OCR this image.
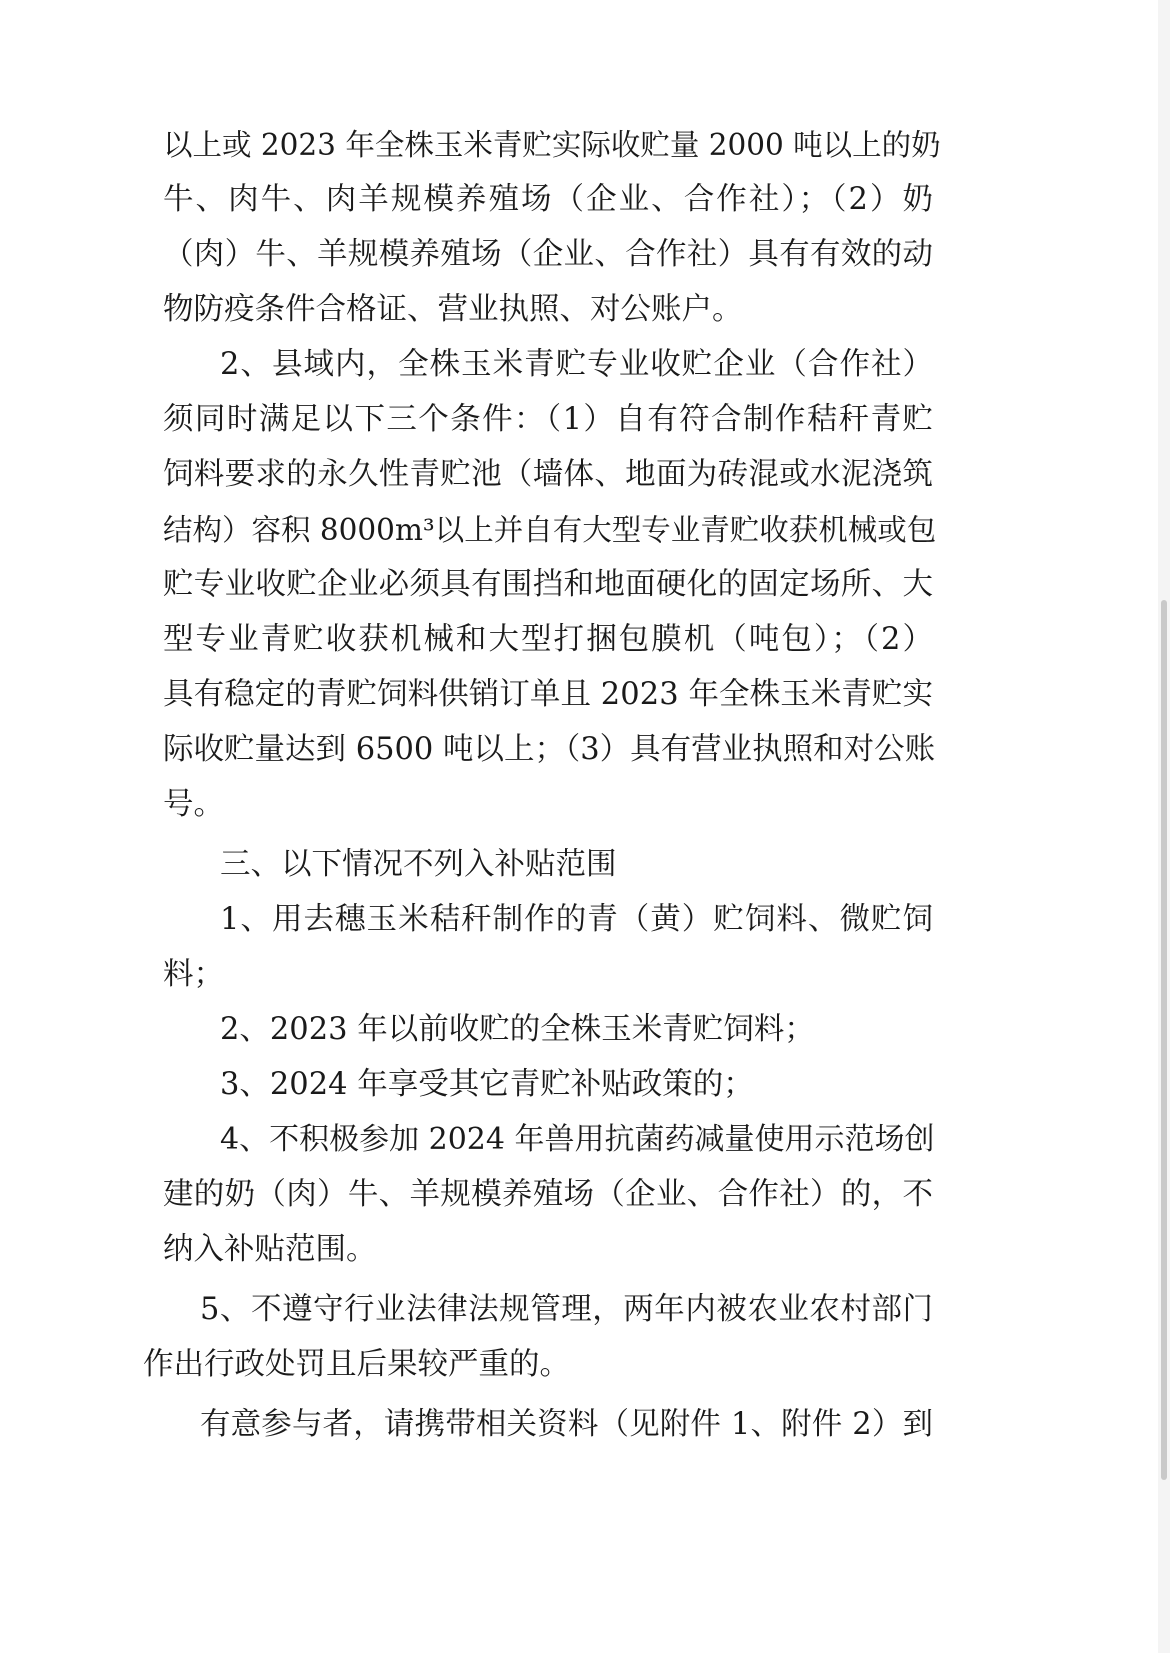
以上或 2023 年全株玉米青贮实际收贮量 2000 吨以上的奶
牛、肉牛、肉羊规模养殖场（企业、合作社）；（2）奶
（肉）牛、羊规模养殖场（企业、合作社）具有有效的动
物防疫条件合格证、营业执照、对公账户。
2、县域内，全株玉米青贮专业收贮企业（合作社）
须同时满足以下三个条件：（1）自有符合制作秸秆青贮
饲料要求的永久性青贮池（墙体、地面为砖混或水泥浇筑
结构）容积 8000m³以上并自有大型专业青贮收获机械或包
贮专业收贮企业必须具有围挡和地面硬化的固定场所、大
型专业青贮收获机械和大型打捆包膜机（吨包）；（2）
具有稳定的青贮饲料供销订单且 2023 年全株玉米青贮实
际收贮量达到 6500 吨以上；（3）具有营业执照和对公账
号。
三、以下情况不列入补贴范围
1、用去穗玉米秸秆制作的青（黄）贮饲料、微贮饲
料；
2、2023 年以前收贮的全株玉米青贮饲料；
3、2024 年享受其它青贮补贴政策的；
4、不积极参加 2024 年兽用抗菌药减量使用示范场创
建的奶（肉）牛、羊规模养殖场（企业、合作社）的，不
纳入补贴范围。
5、不遵守行业法律法规管理，两年内被农业农村部门
作出行政处罚且后果较严重的。
有意参与者，请携带相关资料（见附件 1、附件 2）到
